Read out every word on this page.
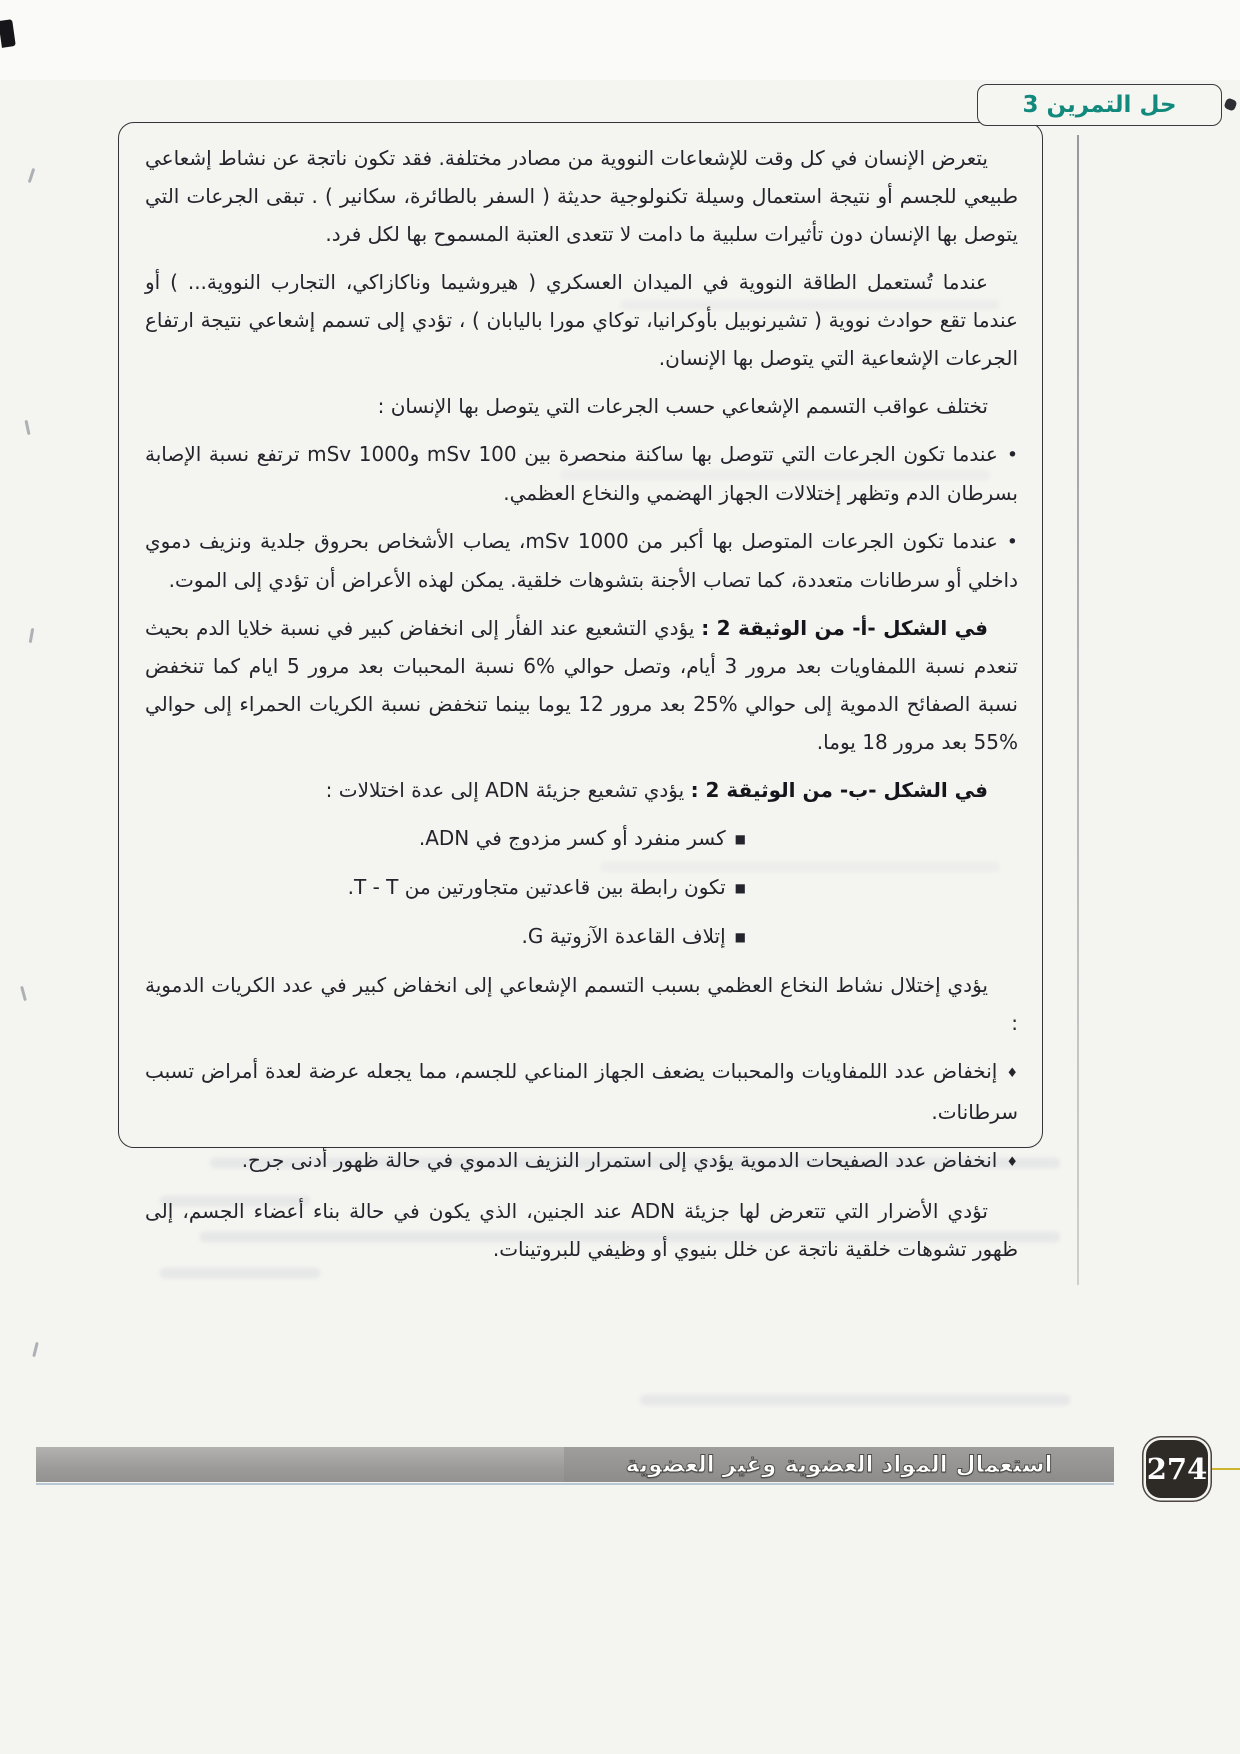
حل التمرين 3

يتعرض الإنسان في كل وقت للإشعاعات النووية من مصادر مختلفة. فقد تكون ناتجة عن نشاط إشعاعي طبيعي للجسم أو نتيجة استعمال وسيلة تكنولوجية حديثة ( السفر بالطائرة، سكانير ) . تبقى الجرعات التي يتوصل بها الإنسان دون تأثيرات سلبية ما دامت لا تتعدى العتبة المسموح بها لكل فرد.

عندما تُستعمل الطاقة النووية في الميدان العسكري ( هيروشيما وناكازاكي، التجارب النووية... ) أو عندما تقع حوادث نووية ( تشيرنوبيل بأوكرانيا، توكاي مورا باليابان ) ، تؤدي إلى تسمم إشعاعي نتيجة ارتفاع الجرعات الإشعاعية التي يتوصل بها الإنسان.

تختلف عواقب التسمم الإشعاعي حسب الجرعات التي يتوصل بها الإنسان :

•عندما تكون الجرعات التي تتوصل بها ساكنة منحصرة بين 100 mSv و1000 mSv ترتفع نسبة الإصابة بسرطان الدم وتظهر إختلالات الجهاز الهضمي والنخاع العظمي.

•عندما تكون الجرعات المتوصل بها أكبر من 1000 mSv، يصاب الأشخاص بحروق جلدية ونزيف دموي داخلي أو سرطانات متعددة، كما تصاب الأجنة بتشوهات خلقية. يمكن لهذه الأعراض أن تؤدي إلى الموت.

في الشكل -أ- من الوثيقة 2 : يؤدي التشعيع عند الفأر إلى انخفاض كبير في نسبة خلايا الدم بحيث تنعدم نسبة اللمفاويات بعد مرور 3 أيام، وتصل حوالي %6 نسبة المحببات بعد مرور 5 ايام كما تنخفض نسبة الصفائح الدموية إلى حوالي %25 بعد مرور 12 يوما بينما تنخفض نسبة الكريات الحمراء إلى حوالي %55 بعد مرور 18 يوما.

في الشكل -ب- من الوثيقة 2 : يؤدي تشعيع جزيئة ADN إلى عدة اختلالات :

■كسر منفرد أو كسر مزدوج في ADN.

■تكون رابطة بين قاعدتين متجاورتين من T - T.

■إتلاف القاعدة الآزوتية G.

يؤدي إختلال نشاط النخاع العظمي بسبب التسمم الإشعاعي إلى انخفاض كبير في عدد الكريات الدموية :

♦إنخفاض عدد اللمفاويات والمحببات يضعف الجهاز المناعي للجسم، مما يجعله عرضة لعدة أمراض تسبب سرطانات.

♦انخفاض عدد الصفيحات الدموية يؤدي إلى استمرار النزيف الدموي في حالة ظهور أدنى جرح.

تؤدي الأضرار التي تتعرض لها جزيئة ADN عند الجنين، الذي يكون في حالة بناء أعضاء الجسم، إلى ظهور تشوهات خلقية ناتجة عن خلل بنيوي أو وظيفي للبروتينات.

استعمال المواد العضوية وغير العضوية	274
